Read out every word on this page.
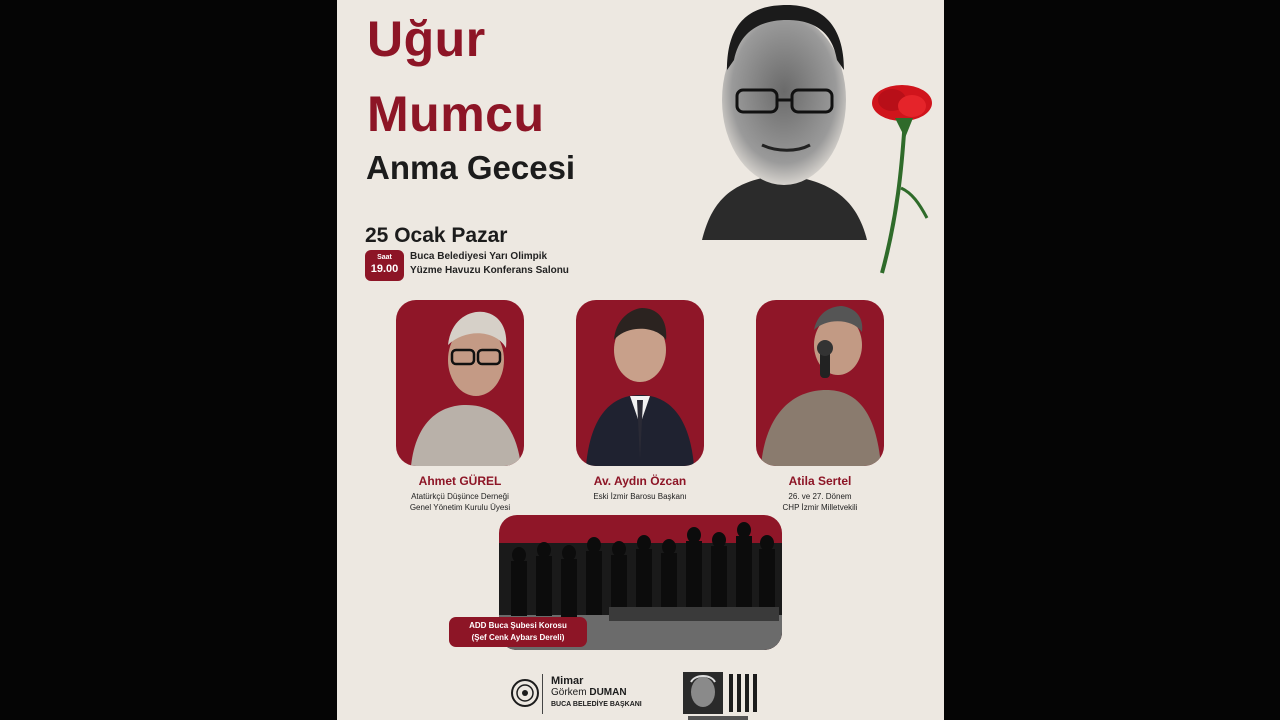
Uğur
Mumcu
Anma Gecesi
25 Ocak Pazar
Saat
19.00
Buca Belediyesi Yarı Olimpik
Yüzme Havuzu Konferans Salonu
Ahmet GÜREL
Atatürkçü Düşünce Derneği
Genel Yönetim Kurulu Üyesi
Av. Aydın Özcan
Eski İzmir Barosu Başkanı
Atila Sertel
26. ve 27. Dönem
CHP İzmir Milletvekili
ADD Buca Şubesi Korosu
(Şef Cenk Aybars Dereli)
Mimar
Görkem DUMAN
BUCA BELEDİYE BAŞKANI
